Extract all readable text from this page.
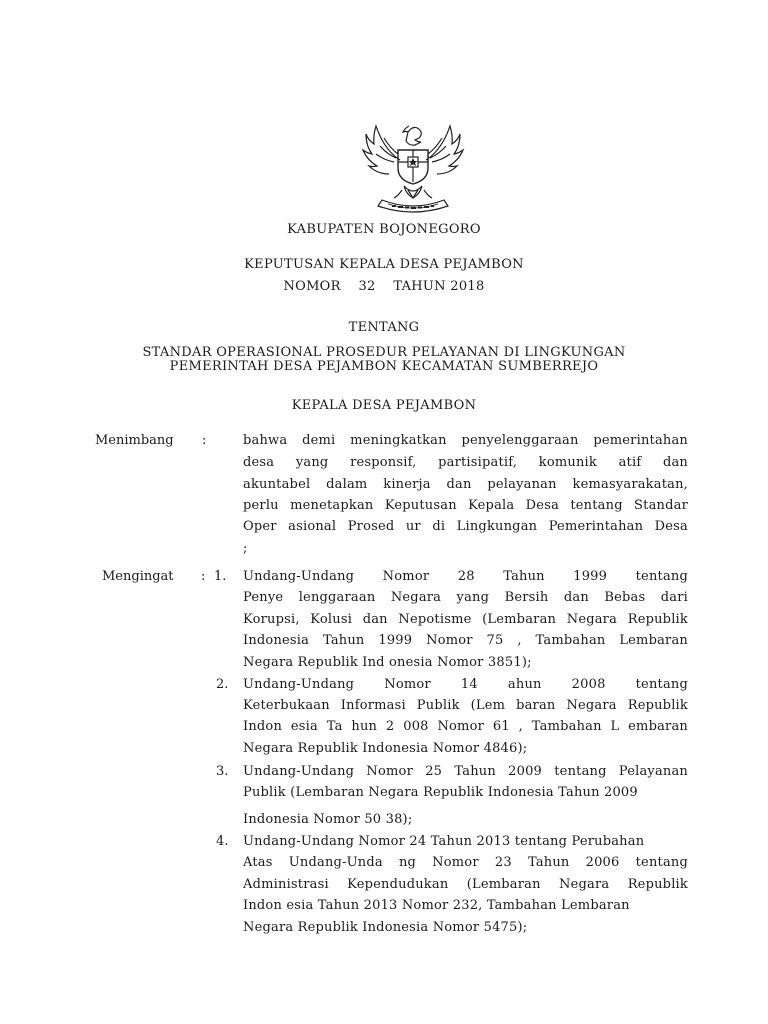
KABUPATEN BOJONEGORO
KEPUTUSAN KEPALA DESA PEJAMBON
NOMOR    32    TAHUN 2018
TENTANG
STANDAR OPERASIONAL PROSEDUR PELAYANAN DI LINGKUNGAN
PEMERINTAH DESA PEJAMBON KECAMATAN SUMBERREJO
KEPALA DESA PEJAMBON
Menimbang :	bahwa demi meningkatkan penyelenggaraan pemerintahan
desa yang responsif, partisipatif, komunik atif dan
akuntabel dalam kinerja dan pelayanan kemasyarakatan,
perlu menetapkan Keputusan Kepala Desa tentang Standar
Oper asional Prosed ur di Lingkungan Pemerintahan Desa
;
Mengingat : 1. Undang-Undang Nomor 28 Tahun 1999 tentang
Penye lenggaraan Negara yang Bersih dan Bebas dari
Korupsi, Kolusi dan Nepotisme (Lembaran Negara Republik
Indonesia Tahun 1999 Nomor 75 , Tambahan Lembaran
Negara Republik Ind onesia Nomor 3851);
2. Undang-Undang Nomor 14 ahun 2008 tentang
Keterbukaan Informasi Publik (Lem baran Negara Republik
Indon esia Ta hun 2 008 Nomor 61 , Tambahan L embaran
Negara Republik Indonesia Nomor 4846);
3. Undang-Undang Nomor 25 Tahun 2009 tentang Pelayanan
Publik (Lembaran Negara Republik Indonesia Tahun 2009
Indonesia Nomor 50 38);
4. Undang-Undang Nomor 24 Tahun 2013 tentang Perubahan
Atas Undang-Unda ng Nomor 23 Tahun 2006 tentang
Administrasi Kependudukan (Lembaran Negara Republik
Indon esia Tahun 2013 Nomor 232, Tambahan Lembaran
Negara Republik Indonesia Nomor 5475);
